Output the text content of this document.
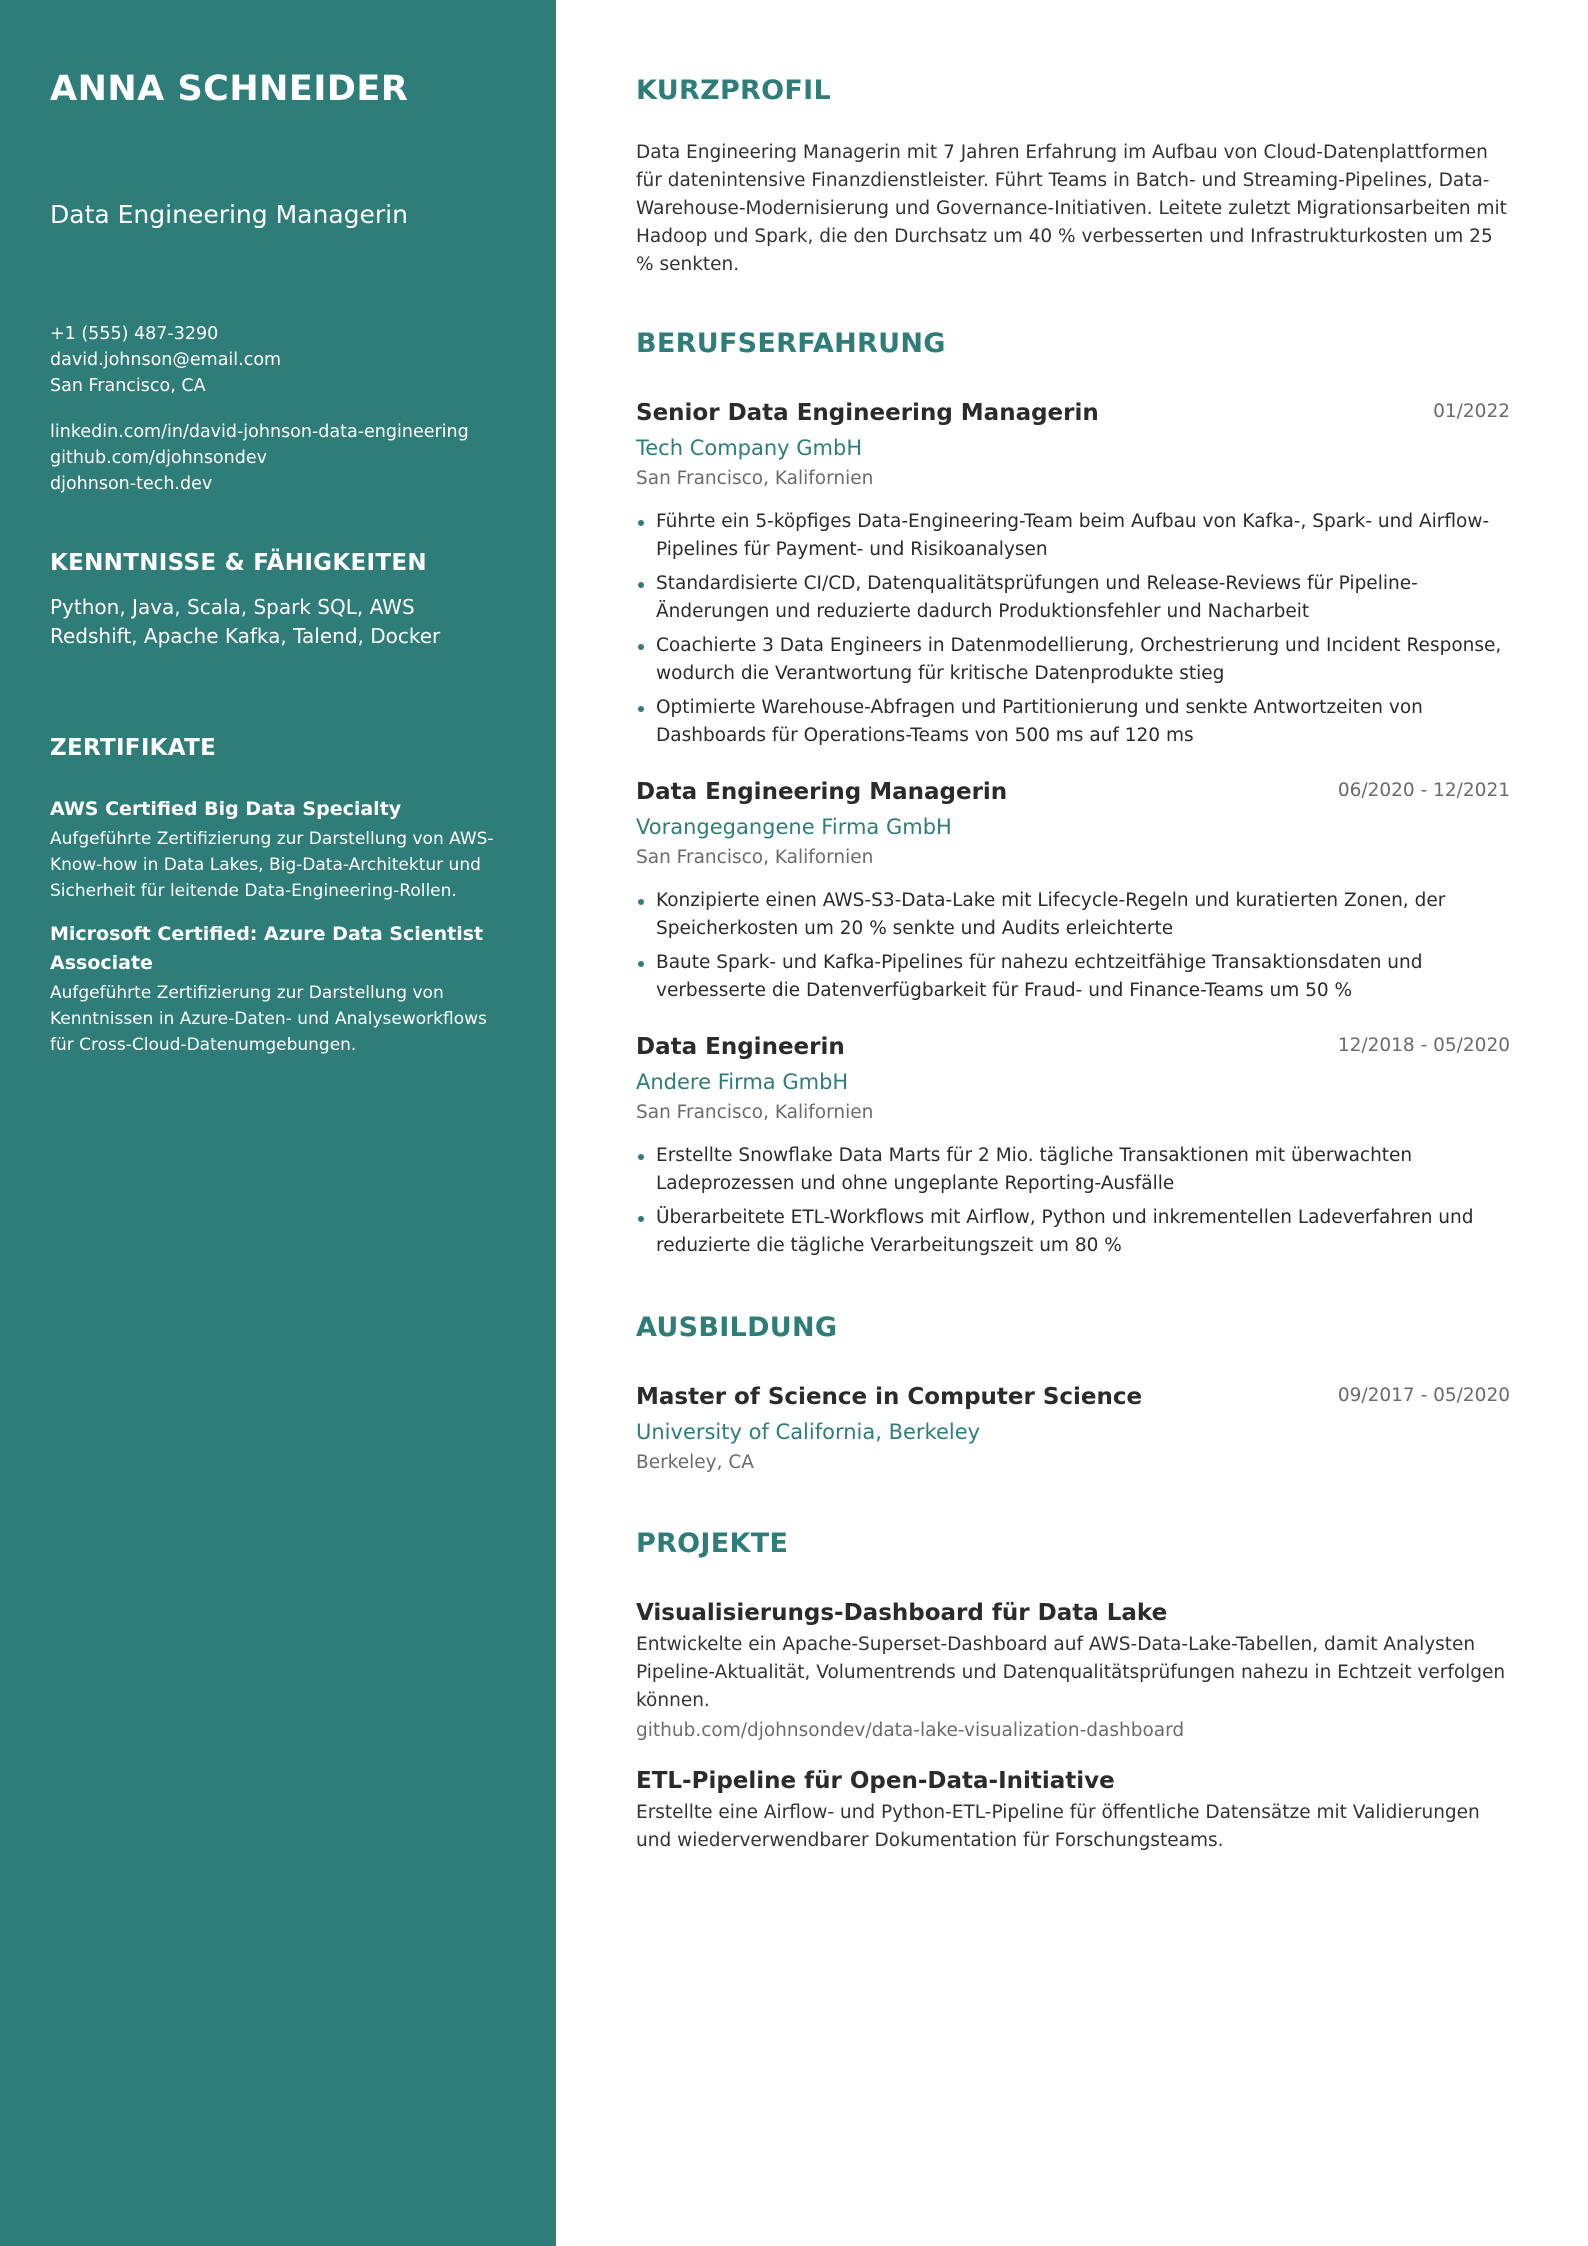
ANNA SCHNEIDER
Data Engineering Managerin
+1 (555) 487-3290
david.johnson@email.com
San Francisco, CA
linkedin.com/in/david-johnson-data-engineering
github.com/djohnsondev
djohnson-tech.dev
KENNTNISSE & FÄHIGKEITEN

Python, Java, Scala, Spark SQL, AWS Redshift, Apache Kafka, Talend, Docker

ZERTIFIKATE
AWS Certified Big Data Specialty
Aufgeführte Zertifizierung zur Darstellung von AWS-Know-how in Data Lakes, Big-Data-Architektur und Sicherheit für leitende Data-Engineering-Rollen.
Microsoft Certified: Azure Data Scientist Associate
Aufgeführte Zertifizierung zur Darstellung von Kenntnissen in Azure-Daten- und Analyseworkflows für Cross-Cloud-Datenumgebungen.
KURZPROFIL

Data Engineering Managerin mit 7 Jahren Erfahrung im Aufbau von Cloud-Datenplattformen für datenintensive Finanzdienstleister. Führt Teams in Batch- und Streaming-Pipelines, Data-Warehouse-Modernisierung und Governance-Initiativen. Leitete zuletzt Migrationsarbeiten mit Hadoop und Spark, die den Durchsatz um 40 % verbesserten und Infrastrukturkosten um 25 % senkten.

BERUFSERFAHRUNG
Senior Data Engineering Managerin	01/2022
Tech Company GmbH
San Francisco, Kalifornien
Führte ein 5-köpfiges Data-Engineering-Team beim Aufbau von Kafka-, Spark- und Airflow-Pipelines für Payment- und Risikoanalysen
Standardisierte CI/CD, Datenqualitätsprüfungen und Release-Reviews für Pipeline-Änderungen und reduzierte dadurch Produktionsfehler und Nacharbeit
Coachierte 3 Data Engineers in Datenmodellierung, Orchestrierung und Incident Response, wodurch die Verantwortung für kritische Datenprodukte stieg
Optimierte Warehouse-Abfragen und Partitionierung und senkte Antwortzeiten von Dashboards für Operations-Teams von 500 ms auf 120 ms
Data Engineering Managerin	06/2020 - 12/2021
Vorangegangene Firma GmbH
San Francisco, Kalifornien
Konzipierte einen AWS-S3-Data-Lake mit Lifecycle-Regeln und kuratierten Zonen, der Speicherkosten um 20 % senkte und Audits erleichterte
Baute Spark- und Kafka-Pipelines für nahezu echtzeitfähige Transaktionsdaten und verbesserte die Datenverfügbarkeit für Fraud- und Finance-Teams um 50 %
Data Engineerin	12/2018 - 05/2020
Andere Firma GmbH
San Francisco, Kalifornien
Erstellte Snowflake Data Marts für 2 Mio. tägliche Transaktionen mit überwachten Ladeprozessen und ohne ungeplante Reporting-Ausfälle
Überarbeitete ETL-Workflows mit Airflow, Python und inkrementellen Ladeverfahren und reduzierte die tägliche Verarbeitungszeit um 80 %
AUSBILDUNG
Master of Science in Computer Science	09/2017 - 05/2020
University of California, Berkeley
Berkeley, CA
PROJEKTE
Visualisierungs-Dashboard für Data Lake
Entwickelte ein Apache-Superset-Dashboard auf AWS-Data-Lake-Tabellen, damit Analysten Pipeline-Aktualität, Volumentrends und Datenqualitätsprüfungen nahezu in Echtzeit verfolgen können.
github.com/djohnsondev/data-lake-visualization-dashboard
ETL-Pipeline für Open-Data-Initiative
Erstellte eine Airflow- und Python-ETL-Pipeline für öffentliche Datensätze mit Validierungen und wiederverwendbarer Dokumentation für Forschungsteams.
